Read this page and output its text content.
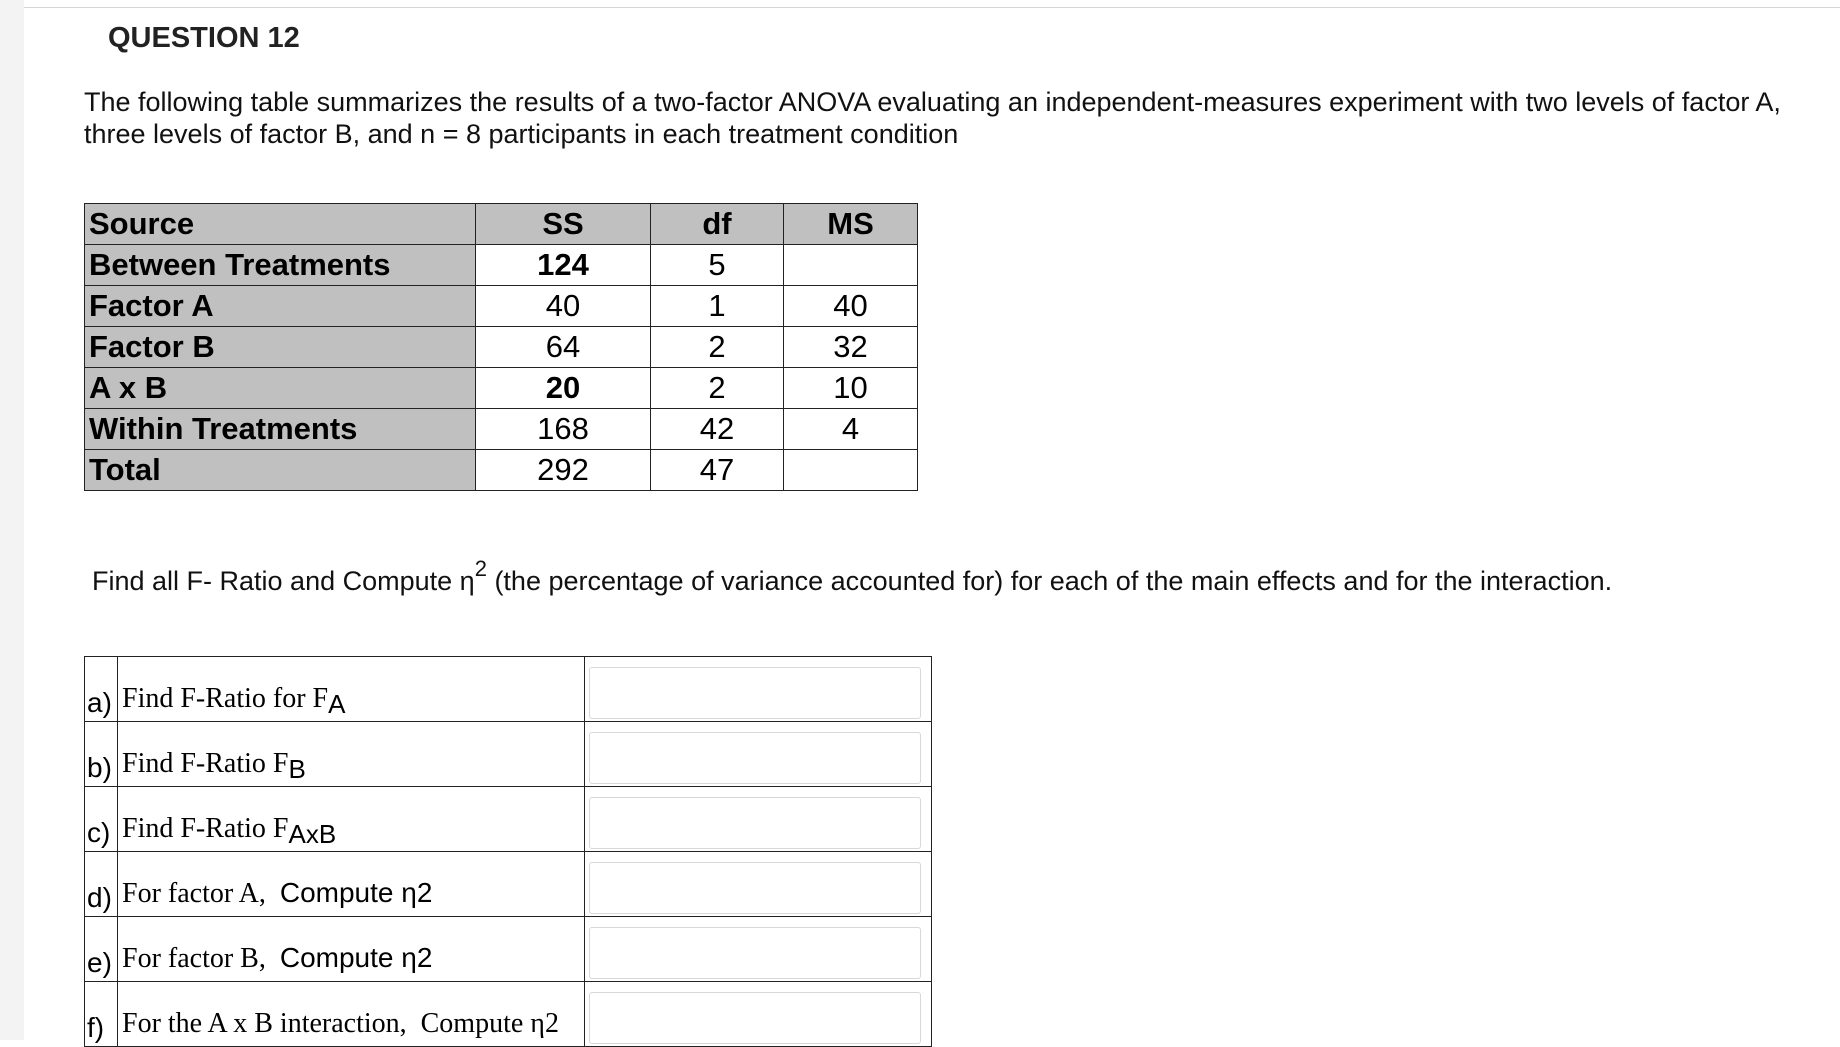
QUESTION 12
The following table summarizes the results of a two-factor ANOVA evaluating an independent-measures experiment with two levels of factor A, three levels of factor B, and n = 8 participants in each treatment condition
Source	SS	df	MS
Between Treatments	124	5	
Factor A	40	1	40
Factor B	64	2	32
A x B	20	2	10
Within Treatments	168	42	4
Total	292	47	
Find all F- Ratio and Compute $\eta^2$ (the percentage of variance accounted for) for each of the main effects and for the interaction.
a)	Find F-Ratio for FA	

b)	Find F-Ratio FB	

c)	Find F-Ratio FAxB	

d)	For factor A,  Compute η2	

e)	For factor B,  Compute η2	

f)	For the A x B interaction,  Compute η2	
